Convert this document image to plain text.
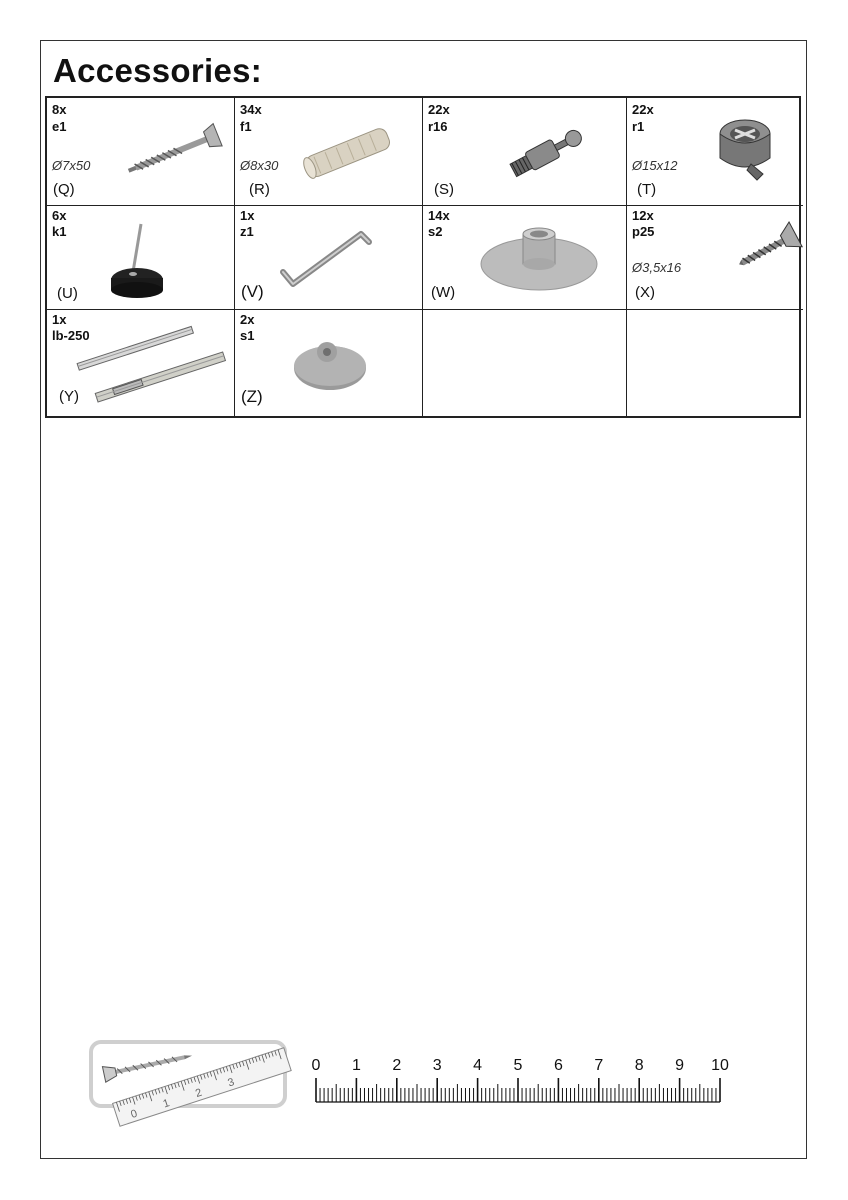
Accessories:
8x
e1
Ø7x50
(Q)
34x
f1
Ø8x30
(R)
22x
r16
(S)
22x
r1
Ø15x12
(T)
6x
k1
(U)
1x
z1
(V)
14x
s2
(W)
12x
p25
Ø3,5x16
(X)
1x
lb-250
(Y)
2x
s1
(Z)
0
1
2
3
0 1 2 3 4 5 6 7 8 9 10
